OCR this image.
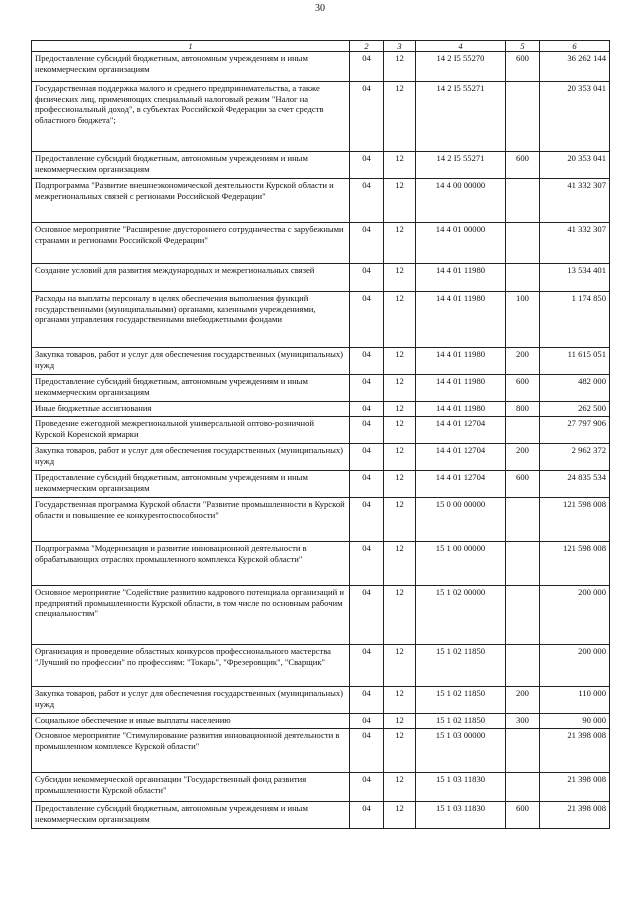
30
1	2	3	4	5	6
Предоставление субсидий бюджетным, автономным учреждениям и иным некоммерческим организациям	04	12	14 2 I5 55270	600	36 262 144
Государственная поддержка малого и среднего предпринимательства, а также физических лиц, применяющих специальный налоговый режим "Налог на профессиональный доход", в субъектах Российской Федерации за счет средств областного бюджета";	04	12	14 2 I5 55271		20 353 041
Предоставление субсидий бюджетным, автономным учреждениям и иным некоммерческим организациям	04	12	14 2 I5 55271	600	20 353 041
Подпрограмма "Развитие внешнеэкономической деятельности Курской области и межрегиональных связей с регионами Российской Федерации"	04	12	14 4 00 00000		41 332 307
Основное мероприятие "Расширение двустороннего сотрудничества с зарубежными странами и регионами Российской Федерации"	04	12	14 4 01 00000		41 332 307
Создание условий для развития международных и межрегиональных связей	04	12	14 4 01 11980		13 534 401
Расходы на выплаты персоналу в целях обеспечения выполнения функций государственными (муниципальными) органами, казенными учреждениями, органами управления государственными внебюджетными фондами	04	12	14 4 01 11980	100	1 174 850
Закупка товаров, работ и услуг для обеспечения государственных (муниципальных) нужд	04	12	14 4 01 11980	200	11 615 051
Предоставление субсидий бюджетным, автономным учреждениям и иным некоммерческим организациям	04	12	14 4 01 11980	600	482 000
Иные бюджетные ассигнования	04	12	14 4 01 11980	800	262 500
Проведение ежегодной межрегиональной универсальной оптово-розничной Курской Коренской ярмарки	04	12	14 4 01 12704		27 797 906
Закупка товаров, работ и услуг для обеспечения государственных (муниципальных) нужд	04	12	14 4 01 12704	200	2 962 372
Предоставление субсидий бюджетным, автономным учреждениям и иным некоммерческим организациям	04	12	14 4 01 12704	600	24 835 534
Государственная программа Курской области "Развитие промышленности в Курской области и повышение ее конкурентоспособности"	04	12	15 0 00 00000		121 598 008
Подпрограмма "Модернизация и развитие инновационной деятельности в обрабатывающих отраслях промышленного комплекса Курской области"	04	12	15 1 00 00000		121 598 008
Основное мероприятие "Содействие развитию кадрового потенциала организаций и предприятий промышленности Курской области, в том числе по основным рабочим специальностям"	04	12	15 1 02 00000		200 000
Организация и проведение областных конкурсов профессионального мастерства "Лучший по профессии" по профессиям: "Токарь", "Фрезеровщик", "Сварщик"	04	12	15 1 02 11850		200 000
Закупка товаров, работ и услуг для обеспечения государственных (муниципальных) нужд	04	12	15 1 02 11850	200	110 000
Социальное обеспечение и иные выплаты населению	04	12	15 1 02 11850	300	90 000
Основное мероприятие "Стимулирование развития инновационной деятельности в промышленном комплексе Курской области"	04	12	15 1 03 00000		21 398 008
Субсидии некоммерческой организации "Государственный фонд развития промышленности Курской области"	04	12	15 1 03 11830		21 398 008
Предоставление субсидий бюджетным, автономным учреждениям и иным некоммерческим организациям	04	12	15 1 03 11830	600	21 398 008
